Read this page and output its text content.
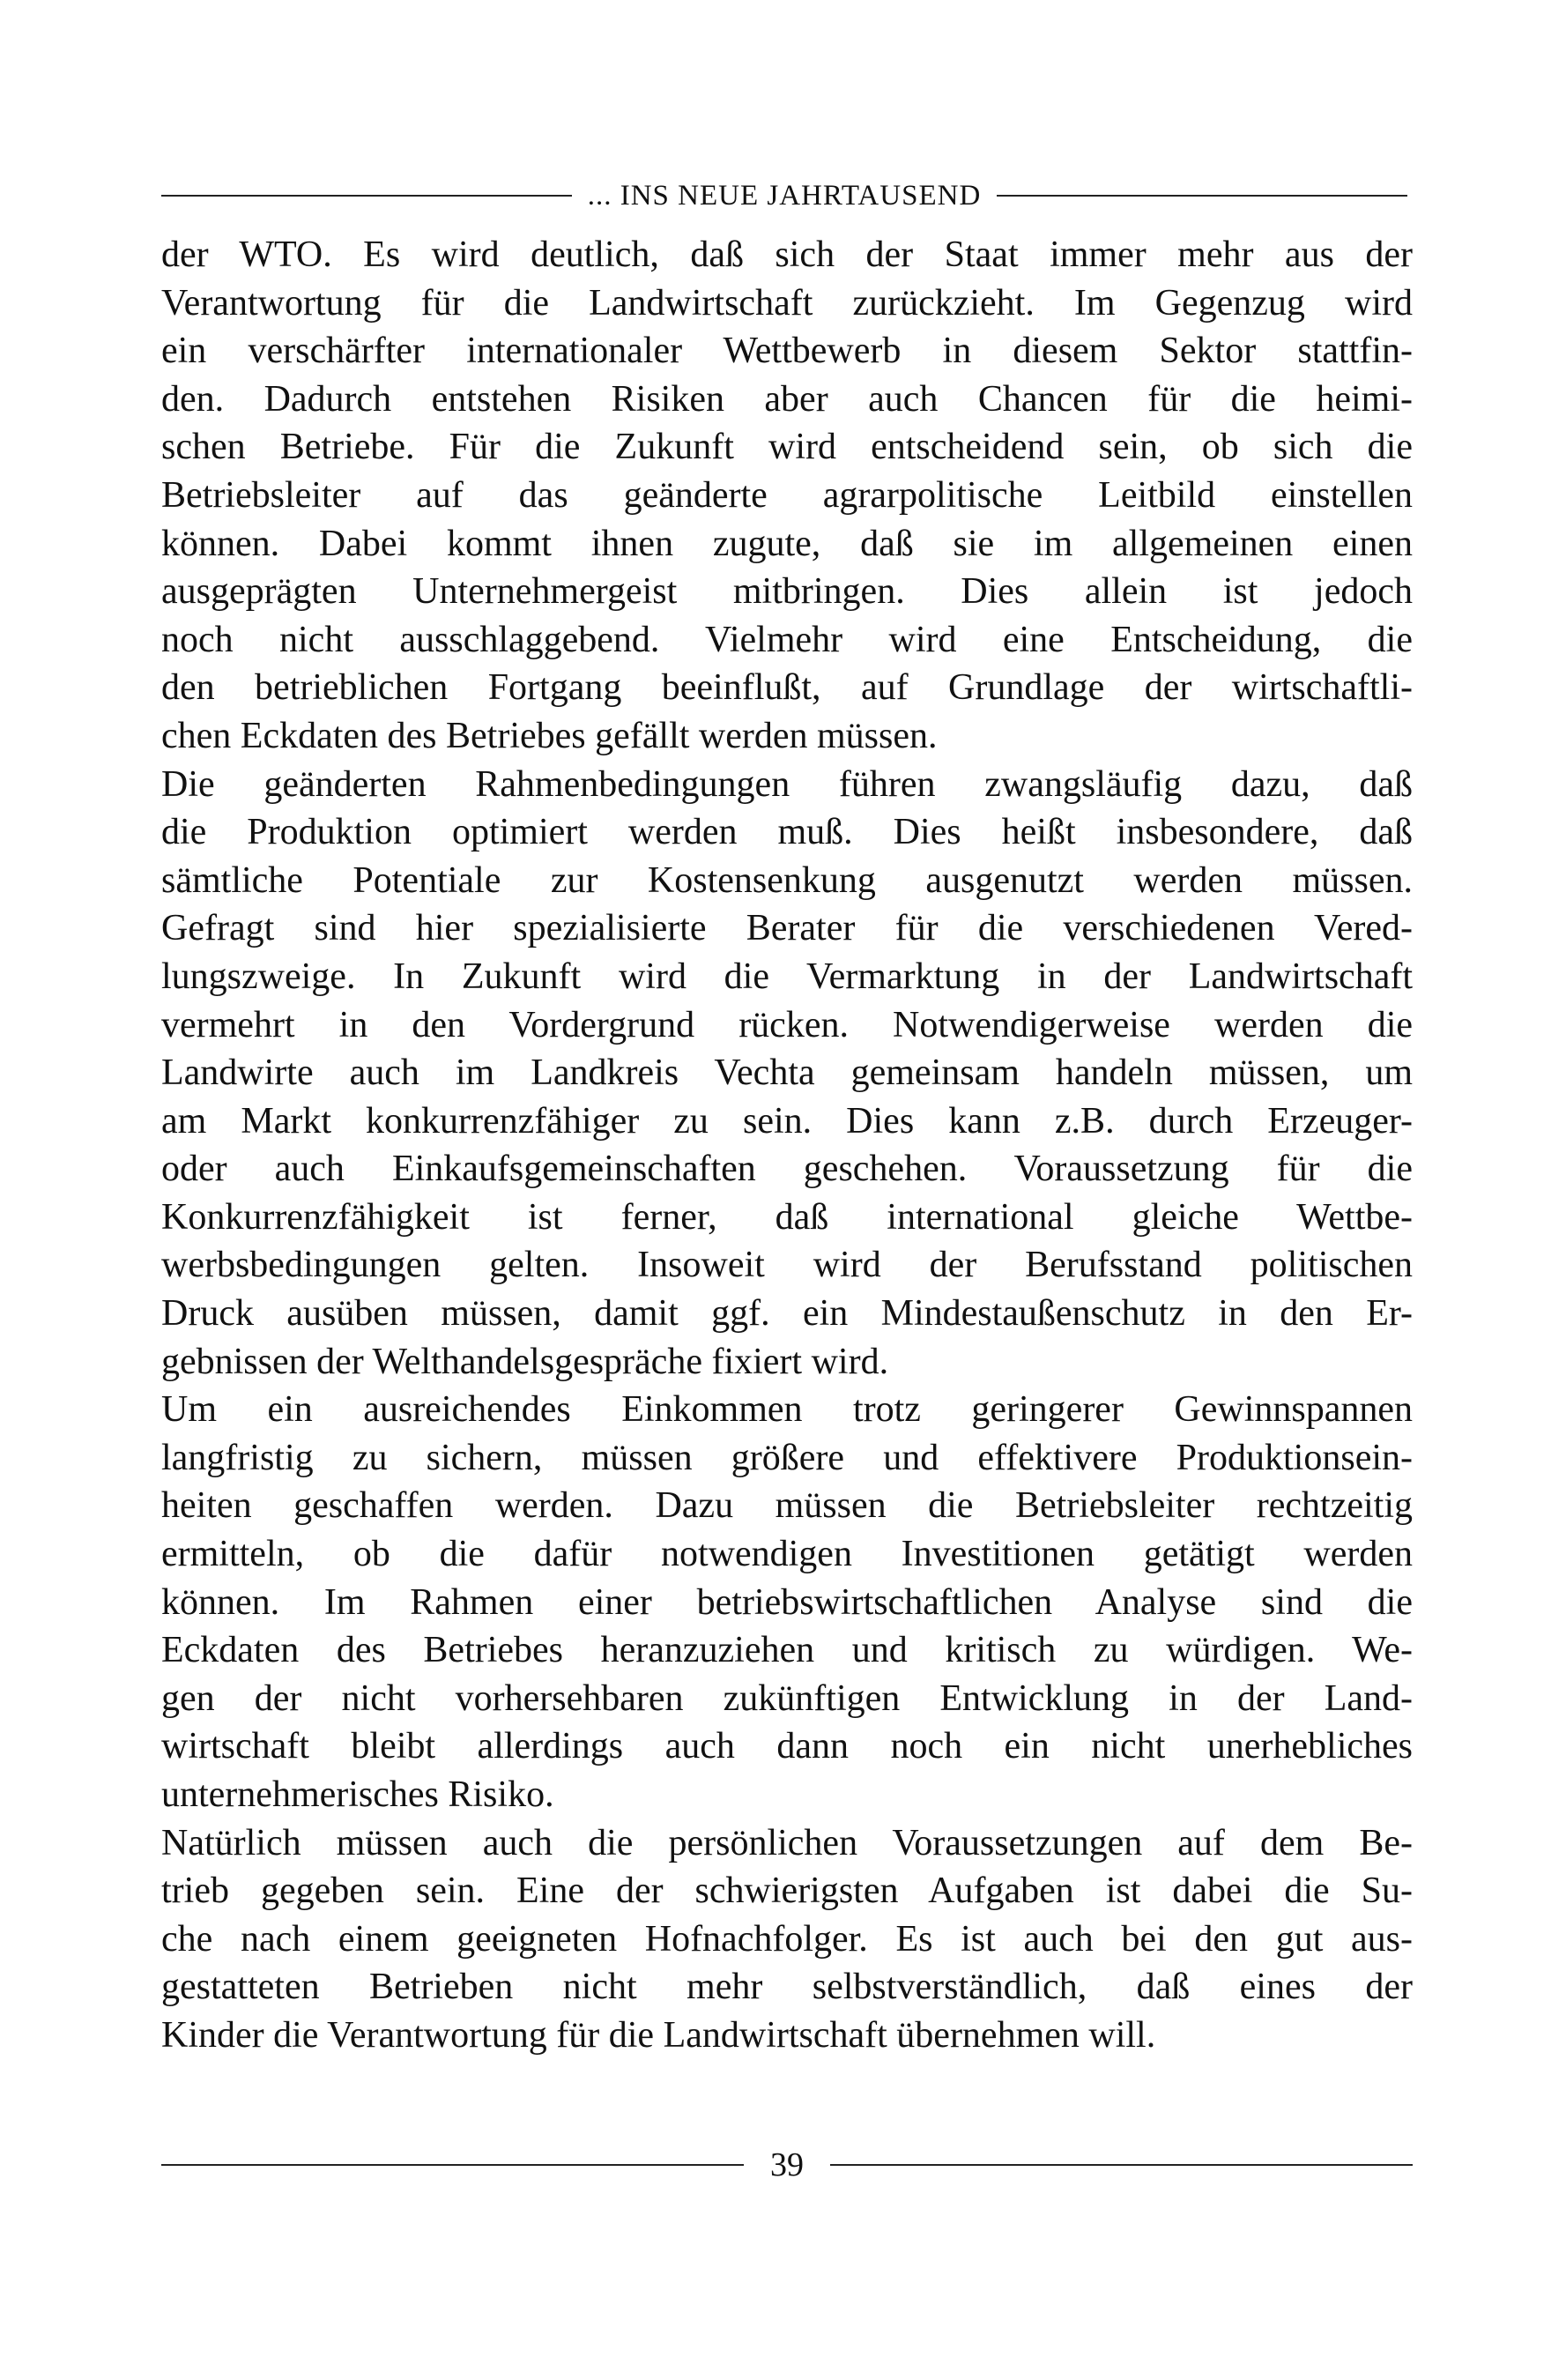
... INS NEUE JAHRTAUSEND
der WTO. Es wird deutlich, daß sich der Staat immer mehr aus der
Verantwortung für die Landwirtschaft zurückzieht. Im Gegenzug wird
ein verschärfter internationaler Wettbewerb in diesem Sektor stattfin-
den. Dadurch entstehen Risiken aber auch Chancen für die heimi-
schen Betriebe. Für die Zukunft wird entscheidend sein, ob sich die
Betriebsleiter auf das geänderte agrarpolitische Leitbild einstellen
können. Dabei kommt ihnen zugute, daß sie im allgemeinen einen
ausgeprägten Unternehmergeist mitbringen. Dies allein ist jedoch
noch nicht ausschlaggebend. Vielmehr wird eine Entscheidung, die
den betrieblichen Fortgang beeinflußt, auf Grundlage der wirtschaftli-
chen Eckdaten des Betriebes gefällt werden müssen.
Die geänderten Rahmenbedingungen führen zwangsläufig dazu, daß
die Produktion optimiert werden muß. Dies heißt insbesondere, daß
sämtliche Potentiale zur Kostensenkung ausgenutzt werden müssen.
Gefragt sind hier spezialisierte Berater für die verschiedenen Vered-
lungszweige. In Zukunft wird die Vermarktung in der Landwirtschaft
vermehrt in den Vordergrund rücken. Notwendigerweise werden die
Landwirte auch im Landkreis Vechta gemeinsam handeln müssen, um
am Markt konkurrenzfähiger zu sein. Dies kann z.B. durch Erzeuger-
oder auch Einkaufsgemeinschaften geschehen. Voraussetzung für die
Konkurrenzfähigkeit ist ferner, daß international gleiche Wettbe-
werbsbedingungen gelten. Insoweit wird der Berufsstand politischen
Druck ausüben müssen, damit ggf. ein Mindestaußenschutz in den Er-
gebnissen der Welthandelsgespräche fixiert wird.
Um ein ausreichendes Einkommen trotz geringerer Gewinnspannen
langfristig zu sichern, müssen größere und effektivere Produktionsein-
heiten geschaffen werden. Dazu müssen die Betriebsleiter rechtzeitig
ermitteln, ob die dafür notwendigen Investitionen getätigt werden
können. Im Rahmen einer betriebswirtschaftlichen Analyse sind die
Eckdaten des Betriebes heranzuziehen und kritisch zu würdigen. We-
gen der nicht vorhersehbaren zukünftigen Entwicklung in der Land-
wirtschaft bleibt allerdings auch dann noch ein nicht unerhebliches
unternehmerisches Risiko.
Natürlich müssen auch die persönlichen Voraussetzungen auf dem Be-
trieb gegeben sein. Eine der schwierigsten Aufgaben ist dabei die Su-
che nach einem geeigneten Hofnachfolger. Es ist auch bei den gut aus-
gestatteten Betrieben nicht mehr selbstverständlich, daß eines der
Kinder die Verantwortung für die Landwirtschaft übernehmen will.
39
